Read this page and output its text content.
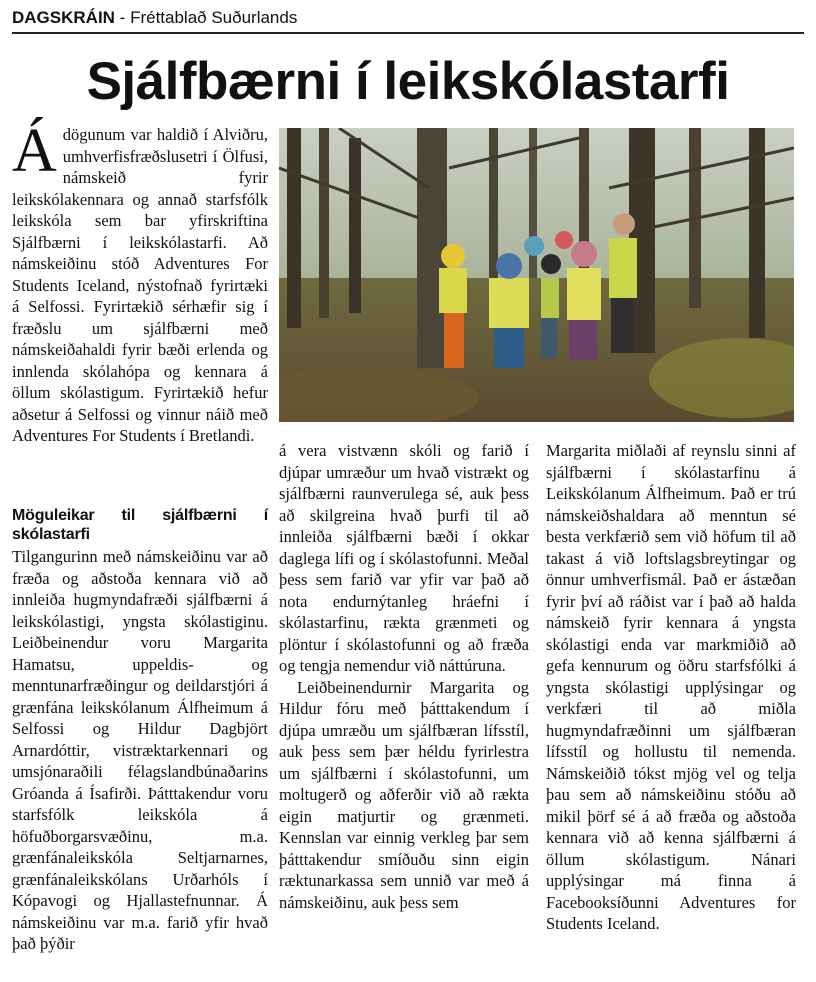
DAGSKRÁIN - Fréttablað Suðurlands
Sjálfbærni í leikskólastarfi
Á dögunum var haldið í Alviðru, umhverfisfræðslusetri í Ölfusi, námskeið fyrir leikskólakennara og annað starfsfólk leikskóla sem bar yfirskriftina Sjálfbærni í leikskólastarfi. Að námskeiðinu stóð Adventures For Students Iceland, nýstofnað fyrirtæki á Selfossi. Fyrirtækið sérhæfir sig í fræðslu um sjálfbærni með námskeiðahaldi fyrir bæði erlenda og innlenda skólahópa og kennara á öllum skólastigum. Fyrirtækið hefur aðsetur á Selfossi og vinnur náið með Adventures For Students í Bretlandi.

Möguleikar til sjálfbærni í skólastarfi

Tilgangurinn með námskeiðinu var að fræða og aðstoða kennara við að innleiða hugmyndafræði sjálfbærni á leikskólastigi, yngsta skólastiginu. Leiðbeinendur voru Margarita Hamatsu, uppeldis- og menntunarfræðingur og deildarstjóri á grænfána leikskólanum Álfheimum á Selfossi og Hildur Dagbjört Arnardóttir, vistræktarkennari og umsjónaraðili félagslandbúnaðarins Gróanda á Ísafirði. Þátttakendur voru starfsfólk leikskóla á höfuðborgarsvæðinu, m.a. grænfánaleikskóla Seltjarnarnes, grænfánaleikskólans Urðarhóls í Kópavogi og Hjallastefnunnar. Á námskeiðinu var m.a. farið yfir hvað það þýðir

á vera vistvænn skóli og farið í djúpar umræður um hvað vistrækt og sjálfbærni raunverulega sé, auk þess að skilgreina hvað þurfi til að innleiða sjálfbærni bæði í okkar daglega lífi og í skólastofunni. Meðal þess sem farið var yfir var það að nota endurnýtanleg hráefni í skólastarfinu, rækta grænmeti og plöntur í skólastofunni og að fræða og tengja nemendur við náttúruna.

Leiðbeinendurnir Margarita og Hildur fóru með þátttakendum í djúpa umræðu um sjálfbæran lífsstíl, auk þess sem þær héldu fyrirlestra um sjálfbærni í skólastofunni, um moltugerð og aðferðir við að rækta eigin matjurtir og grænmeti. Kennslan var einnig verkleg þar sem þátttakendur smíðuðu sinn eigin ræktunarkassa sem unnið var með á námskeiðinu, auk þess sem

Margarita miðlaði af reynslu sinni af sjálfbærni í skólastarfinu á Leikskólanum Álfheimum. Það er trú námskeiðshaldara að menntun sé besta verkfærið sem við höfum til að takast á við loftslagsbreytingar og önnur umhverfismál. Það er ástæðan fyrir því að ráðist var í það að halda námskeið fyrir kennara á yngsta skólastigi enda var markmiðið að gefa kennurum og öðru starfsfólki á yngsta skólastigi upplýsingar og verkfæri til að miðla hugmyndafræðinni um sjálfbæran lífsstíl og hollustu til nemenda. Námskeiðið tókst mjög vel og telja þau sem að námskeiðinu stóðu að mikil þörf sé á að fræða og aðstoða kennara við að kenna sjálfbærni á öllum skólastigum. Nánari upplýsingar má finna á Facebooksíðunni Adventures for Students Iceland.
